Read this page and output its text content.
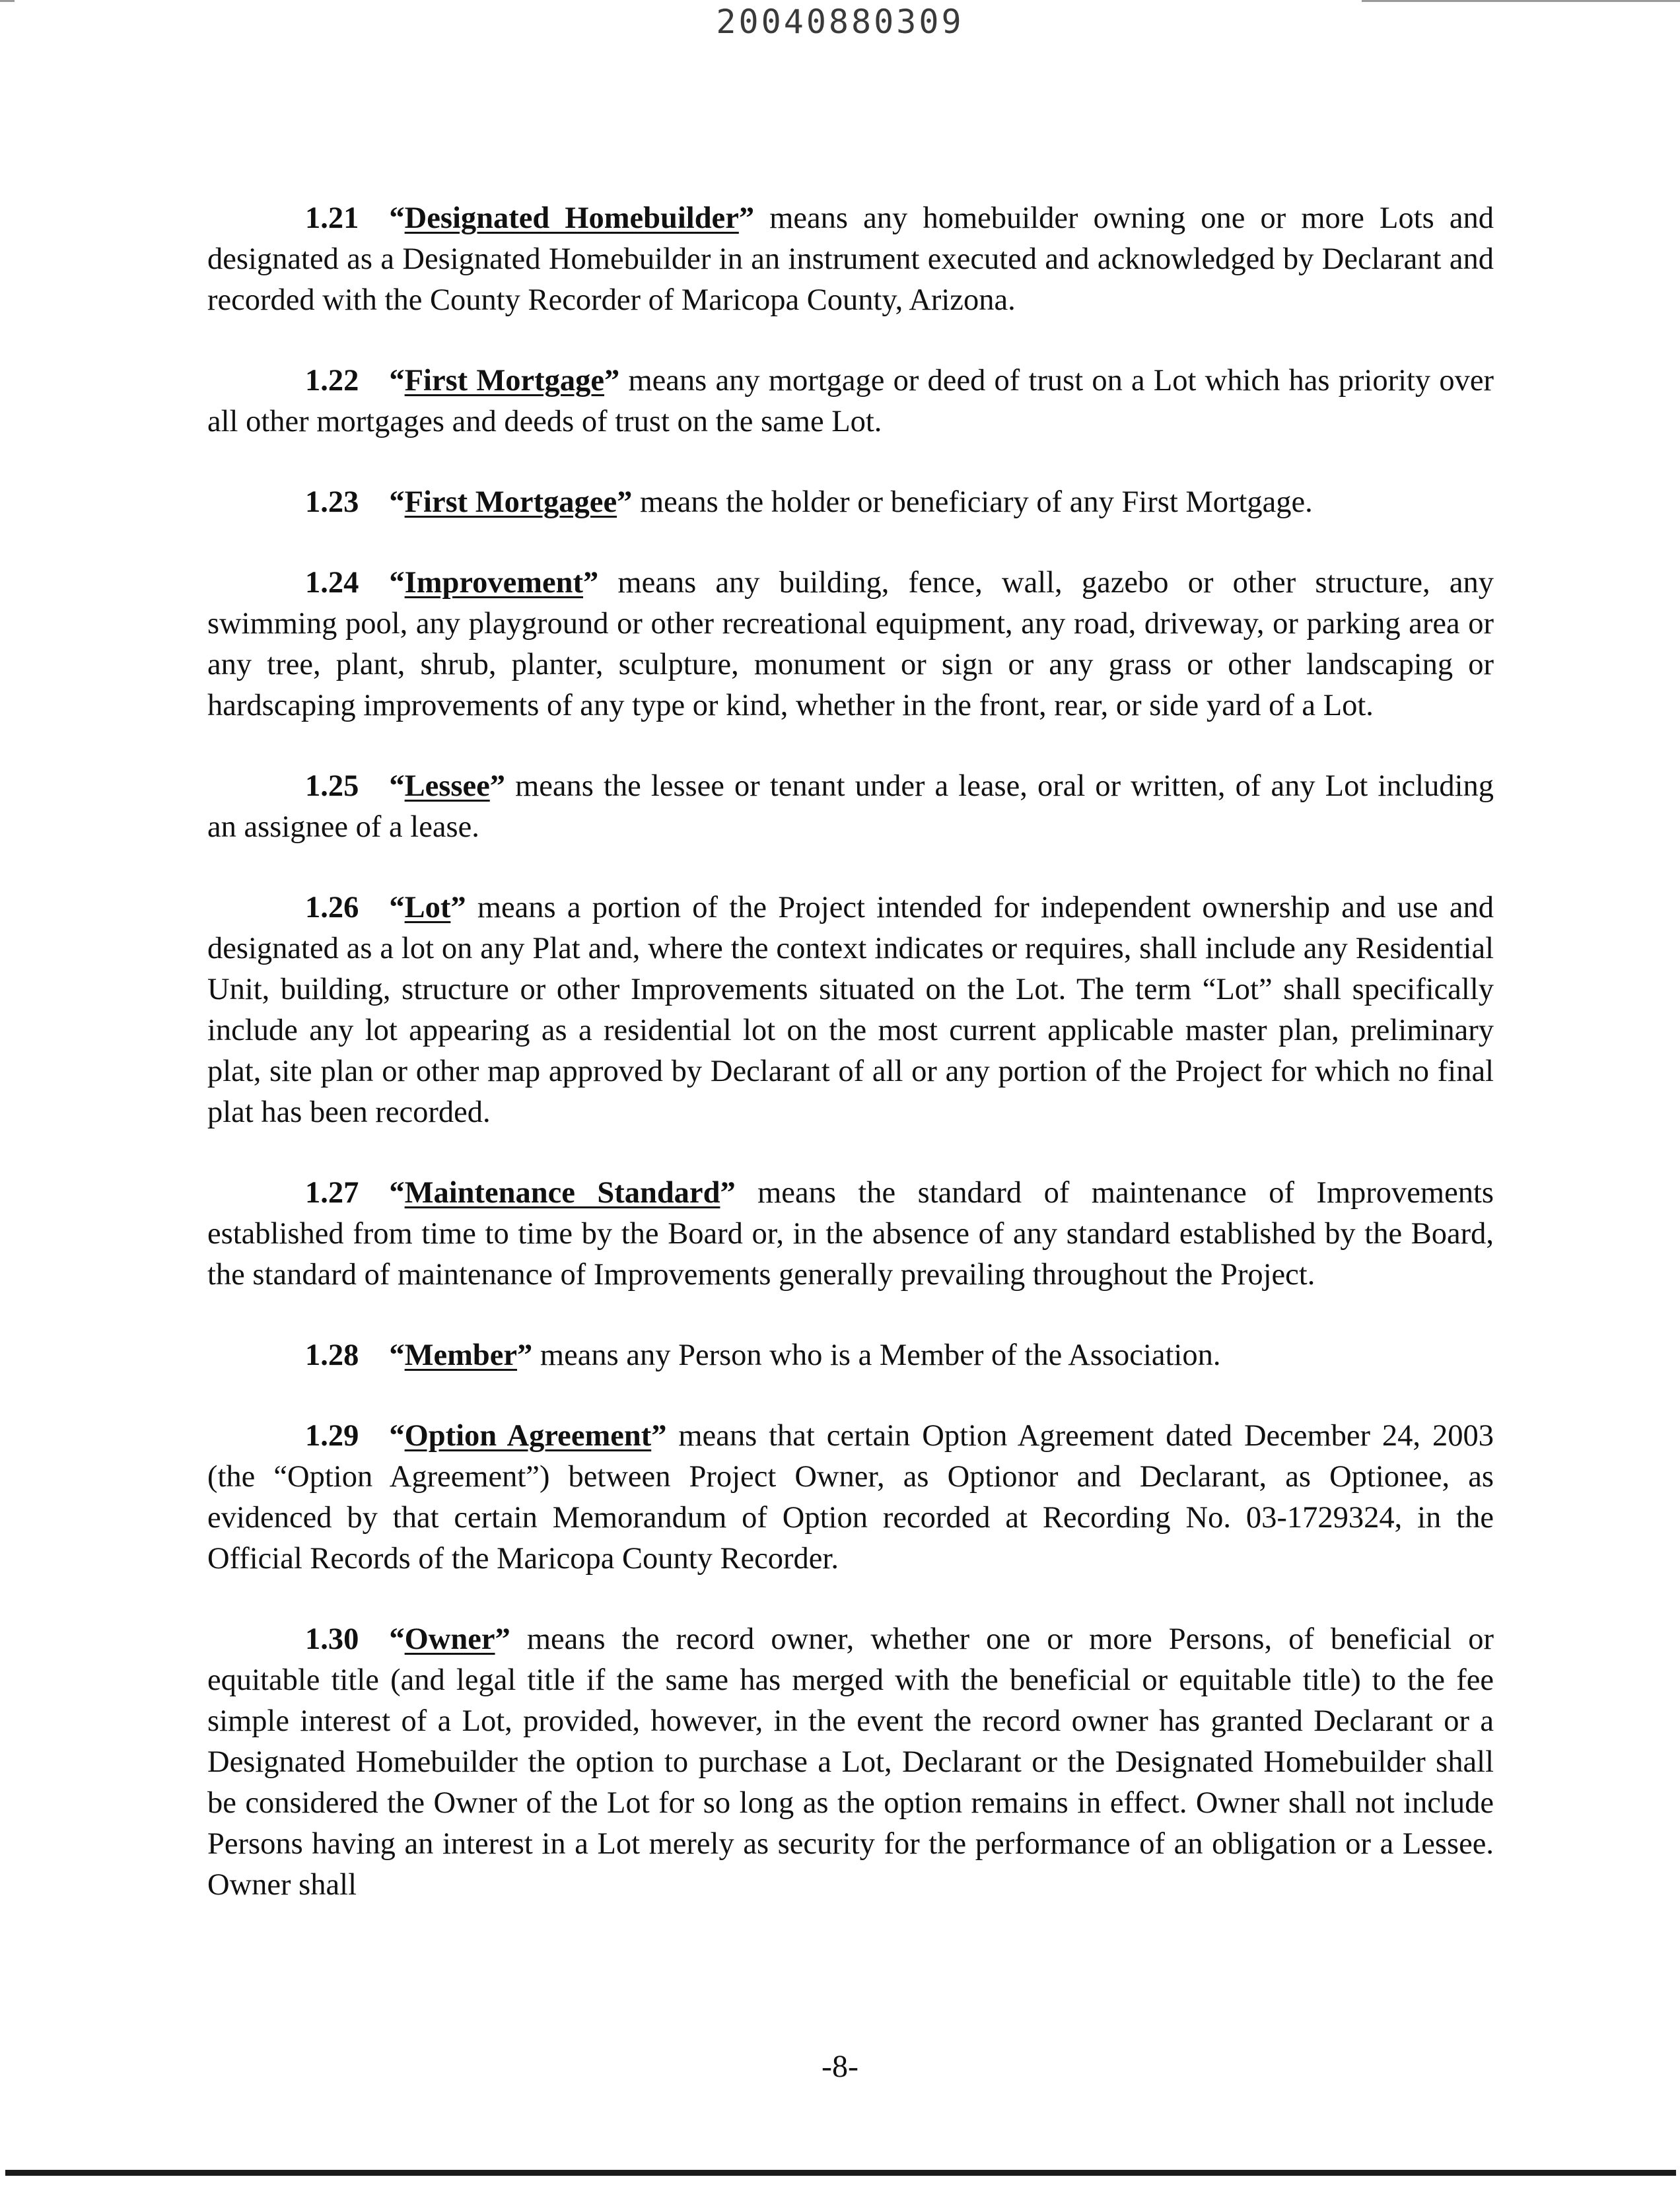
20040880309

1.21 “Designated Homebuilder” means any homebuilder owning one or more Lots and designated as a Designated Homebuilder in an instrument executed and acknowledged by Declarant and recorded with the County Recorder of Maricopa County, Arizona.

1.22 “First Mortgage” means any mortgage or deed of trust on a Lot which has priority over all other mortgages and deeds of trust on the same Lot.

1.23 “First Mortgagee” means the holder or beneficiary of any First Mortgage.

1.24 “Improvement” means any building, fence, wall, gazebo or other structure, any swimming pool, any playground or other recreational equipment, any road, driveway, or parking area or any tree, plant, shrub, planter, sculpture, monument or sign or any grass or other landscaping or hardscaping improvements of any type or kind, whether in the front, rear, or side yard of a Lot.

1.25 “Lessee” means the lessee or tenant under a lease, oral or written, of any Lot including an assignee of a lease.

1.26 “Lot” means a portion of the Project intended for independent ownership and use and designated as a lot on any Plat and, where the context indicates or requires, shall include any Residential Unit, building, structure or other Improvements situated on the Lot. The term “Lot” shall specifically include any lot appearing as a residential lot on the most current applicable master plan, preliminary plat, site plan or other map approved by Declarant of all or any portion of the Project for which no final plat has been recorded.

1.27 “Maintenance Standard” means the standard of maintenance of Improvements established from time to time by the Board or, in the absence of any standard established by the Board, the standard of maintenance of Improvements generally prevailing throughout the Project.

1.28 “Member” means any Person who is a Member of the Association.

1.29 “Option Agreement” means that certain Option Agreement dated December 24, 2003 (the “Option Agreement”) between Project Owner, as Optionor and Declarant, as Optionee, as evidenced by that certain Memorandum of Option recorded at Recording No. 03-1729324, in the Official Records of the Maricopa County Recorder.

1.30 “Owner” means the record owner, whether one or more Persons, of beneficial or equitable title (and legal title if the same has merged with the beneficial or equitable title) to the fee simple interest of a Lot, provided, however, in the event the record owner has granted Declarant or a Designated Homebuilder the option to purchase a Lot, Declarant or the Designated Homebuilder shall be considered the Owner of the Lot for so long as the option remains in effect. Owner shall not include Persons having an interest in a Lot merely as security for the performance of an obligation or a Lessee. Owner shall

-8-
